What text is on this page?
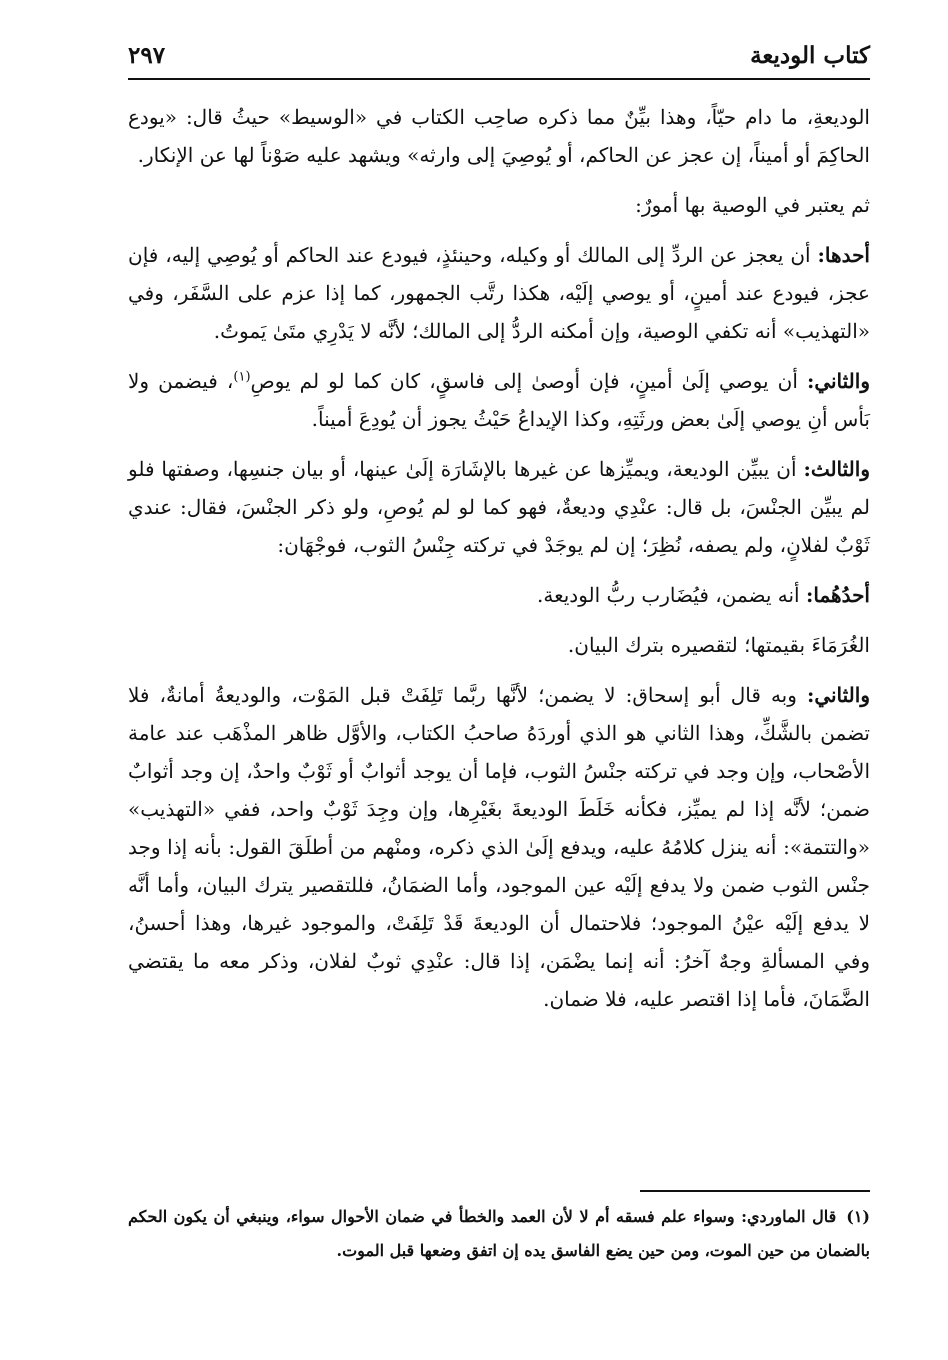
كتاب الوديعة
٢٩٧

الوديعةِ، ما دام حيّاً، وهذا بيِّنٌ مما ذكره صاحِب الكتاب في «الوسيط» حيثُ قال: «يودع الحاكِمَ أو أميناً، إن عجز عن الحاكم، أو يُوصِيَ إلى وارثه» ويشهد عليه صَوْناً لها عن الإنكار.

ثم يعتبر في الوصية بها أمورٌ:

أحدها: أن يعجز عن الردِّ إلى المالك أو وكيله، وحينئذٍ، فيودع عند الحاكم أو يُوصِي إليه، فإن عجز، فيودع عند أمينٍ، أو يوصي إلَيْه، هكذا رتَّب الجمهور، كما إذا عزم على السَّفَر، وفي «التهذيب» أنه تكفي الوصية، وإن أمكنه الردُّ إلى المالك؛ لأنَّه لا يَدْرِي متَىٰ يَموتُ.

والثاني: أن يوصي إلَىٰ أمينٍ، فإن أوصىٰ إلى فاسقٍ، كان كما لو لم يوصِ$^{(١)}$، فيضمن ولا بَأس أنِ يوصي إلَىٰ بعض ورثَتِهِ، وكذا الإيداعُ حَيْثُ يجوز أن يُودِعَ أميناً.

والثالث: أن يبيِّن الوديعة، ويميِّزها عن غيرها بالإشَارَة إلَىٰ عينها، أو بيان جنسِها، وصفتها فلو لم يبيِّن الجنْسَ، بل قال: عنْدِي وديعةٌ، فهو كما لو لم يُوصِ، ولو ذكر الجنْسَ، فقال: عندي ثَوْبٌ لفلانٍ، ولم يصفه، نُظِرَ؛ إن لم يوجَدْ في تركته جِنْسُ الثوب، فوجْهَان:

أحدُهُما: أنه يضمن، فيُضَارب ربُّ الوديعة.

الغُرَمَاءَ بقيمتها؛ لتقصيره بترك البيان.

والثاني: وبه قال أبو إسحاق: لا يضمن؛ لأنَّها ربَّما تَلِفَتْ قبل المَوْت، والوديعةُ أمانةٌ، فلا تضمن بالشَّكِّ، وهذا الثاني هو الذي أوردَهُ صاحبُ الكتاب، والأوَّل ظاهر المذْهَب عند عامة الأصْحاب، وإن وجد في تركته جنْسُ الثوب، فإما أن يوجد أثوابٌ أو ثَوْبٌ واحدٌ، إن وجد أثوابٌ ضمن؛ لأنَّه إذا لم يميِّز، فكأنه خَلَطَ الوديعةَ بغَيْرِها، وإن وجِدَ ثَوْبٌ واحد، ففي «التهذيب» «والتتمة»: أنه ينزل كلامُهُ عليه، ويدفع إلَىٰ الذي ذكره، ومنْهم من أطلَقَ القول: بأنه إذا وجد جنْس الثوب ضمن ولا يدفع إلَيْه عين الموجود، وأما الضمَانُ، فللتقصير يترك البيان، وأما أنَّه لا يدفع إلَيْه عيْنُ الموجود؛ فلاحتمال أن الوديعةَ قَدْ تَلِفَتْ، والموجود غيرها، وهذا أحسنُ، وفي المسألةِ وجهٌ آخرُ: أنه إنما يضْمَن، إذا قال: عنْدِي ثوبٌ لفلان، وذكر معه ما يقتضي الضَّمَانَ، فأما إذا اقتصر عليه، فلا ضمان.

(١)قال الماوردي: وسواء علم فسقه أم لا لأن العمد والخطأ في ضمان الأحوال سواء، وينبغي أن يكون الحكم بالضمان من حين الموت، ومن حين يضع الفاسق يده إن اتفق وضعها قبل الموت.
